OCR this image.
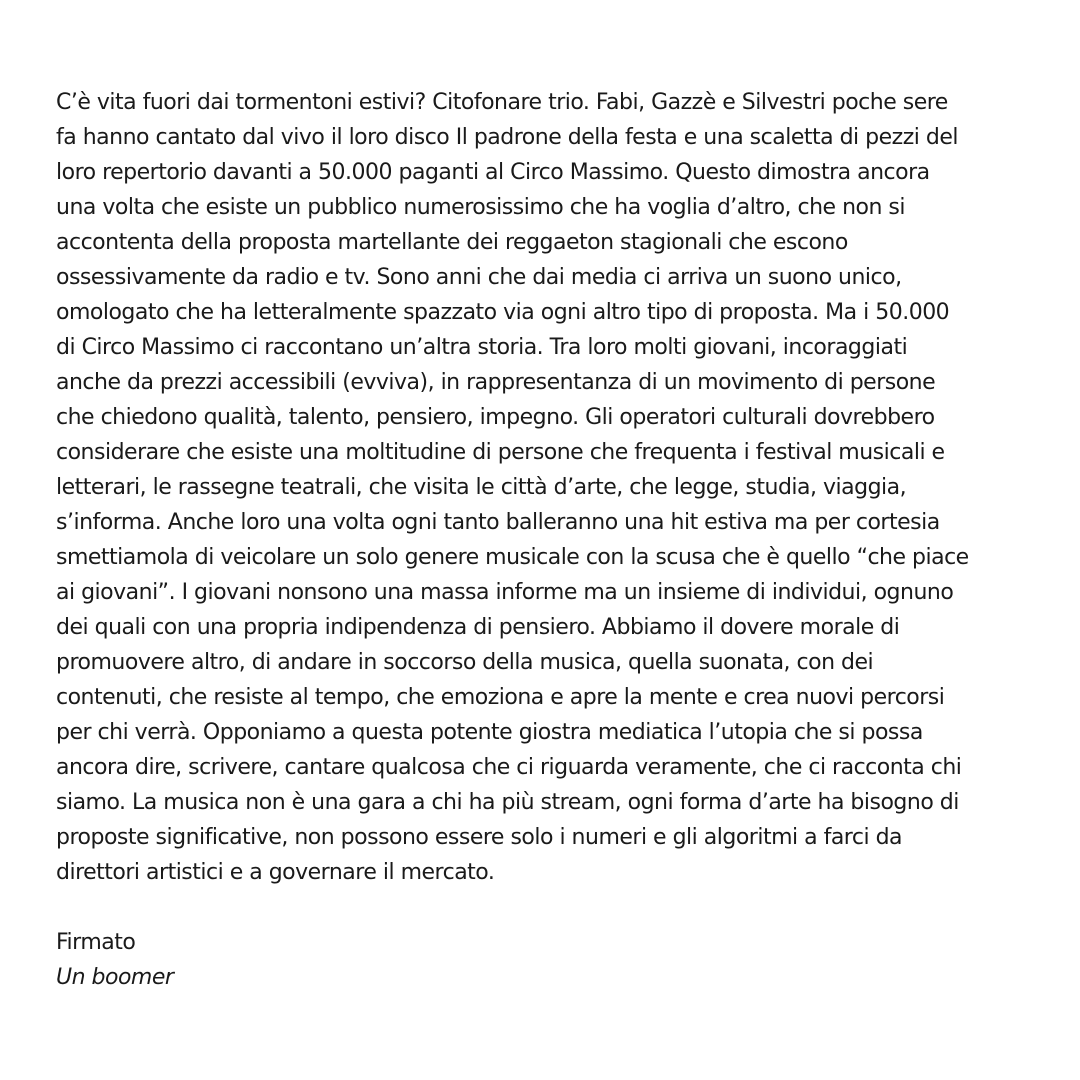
C’è vita fuori dai tormentoni estivi? Citofonare trio. Fabi, Gazzè e Silvestri poche sere

fa hanno cantato dal vivo il loro disco Il padrone della festa e una scaletta di pezzi del

loro repertorio davanti a 50.000 paganti al Circo Massimo. Questo dimostra ancora

una volta che esiste un pubblico numerosissimo che ha voglia d’altro, che non si

accontenta della proposta martellante dei reggaeton stagionali che escono

ossessivamente da radio e tv. Sono anni che dai media ci arriva un suono unico,

omologato che ha letteralmente spazzato via ogni altro tipo di proposta. Ma i 50.000

di Circo Massimo ci raccontano un’altra storia. Tra loro molti giovani, incoraggiati

anche da prezzi accessibili (evviva), in rappresentanza di un movimento di persone

che chiedono qualità, talento, pensiero, impegno. Gli operatori culturali dovrebbero

considerare che esiste una moltitudine di persone che frequenta i festival musicali e

letterari, le rassegne teatrali, che visita le città d’arte, che legge, studia, viaggia,

s’informa. Anche loro una volta ogni tanto balleranno una hit estiva ma per cortesia

smettiamola di veicolare un solo genere musicale con la scusa che è quello “che piace

ai giovani”. I giovani nonsono una massa informe ma un insieme di individui, ognuno

dei quali con una propria indipendenza di pensiero. Abbiamo il dovere morale di

promuovere altro, di andare in soccorso della musica, quella suonata, con dei

contenuti, che resiste al tempo, che emoziona e apre la mente e crea nuovi percorsi

per chi verrà. Opponiamo a questa potente giostra mediatica l’utopia che si possa

ancora dire, scrivere, cantare qualcosa che ci riguarda veramente, che ci racconta chi

siamo. La musica non è una gara a chi ha più stream, ogni forma d’arte ha bisogno di

proposte significative, non possono essere solo i numeri e gli algoritmi a farci da

direttori artistici e a governare il mercato.

Firmato

Un boomer
